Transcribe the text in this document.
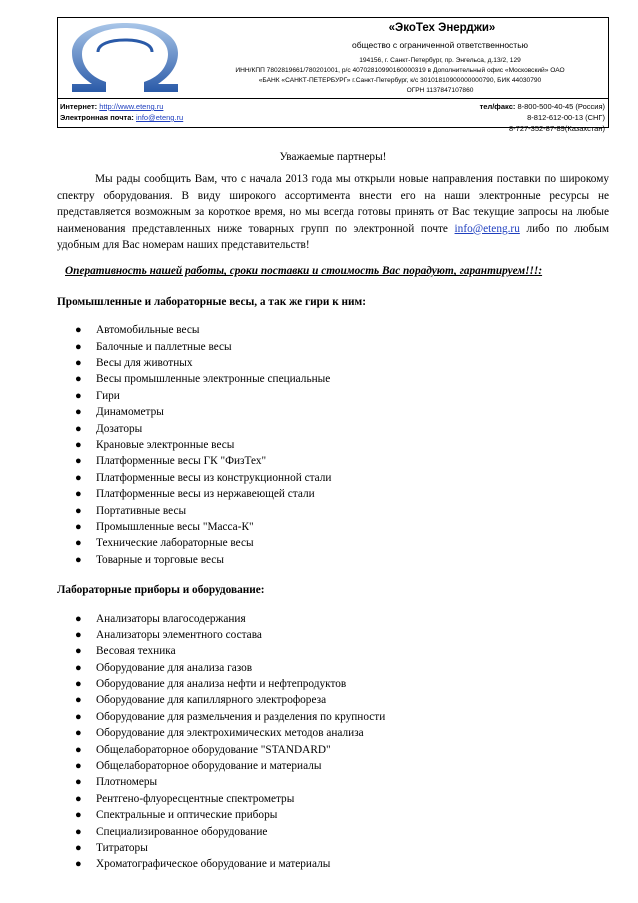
«ЭкоТех Энерджи»
общество с ограниченной ответственностью
194156, г. Санкт-Петербург, пр. Энгельса, д.13/2, 129
ИНН/КПП 7802819661/780201001, р/с 40702810990160000319 в Дополнительный офис «Московский» ОАО
«БАНК «САНКТ-ПЕТЕРБУРГ» г.Санкт-Петербург, к/с 30101810900000000790, БИК 44030790
ОГРН 1137847107860
Интернет: http://www.eteng.ru
Электронная почта: info@eteng.ru
тел/факс: 8-800-500-40-45 (Россия)
8-812-612-00-13 (СНГ)
8-727-352-87-89(Казахстан)

Уважаемые партнеры!

Мы рады сообщить Вам, что с начала 2013 года мы открыли новые направления поставки по широкому спектру оборудования. В виду широкого ассортимента внести его на наши электронные ресурсы не представляется возможным за короткое время, но мы всегда готовы принять от Вас текущие запросы на любые наименования представленных ниже товарных групп по электронной почте info@eteng.ru либо по любым удобным для Вас номерам наших представительств!

Оперативность нашей работы, сроки поставки и стоимость Вас порадуют, гарантируем!!!:

Промышленные и лабораторные весы, а так же гири к ним:
● Автомобильные весы
● Балочные и паллетные весы
● Весы для животных
● Весы промышленные электронные специальные
● Гири
● Динамометры
● Дозаторы
● Крановые электронные весы
● Платформенные весы ГК "ФизТех"
● Платформенные весы из конструкционной стали
● Платформенные весы из нержавеющей стали
● Портативные весы
● Промышленные весы "Масса-К"
● Технические лабораторные весы
● Товарные и торговые весы
Лабораторные приборы и оборудование:
● Анализаторы влагосодержания
● Анализаторы элементного состава
● Весовая техника
● Оборудование для анализа газов
● Оборудование для анализа нефти и нефтепродуктов
● Оборудование для капиллярного электрофореза
● Оборудование для размельчения и разделения по крупности
● Оборудование для электрохимических методов анализа
● Общелабораторное оборудование "STANDARD"
● Общелабораторное оборудование и материалы
● Плотномеры
● Рентгено-флуоресцентные спектрометры
● Спектральные и оптические приборы
● Специализированное оборудование
● Титраторы
● Хроматографическое оборудование и материалы
